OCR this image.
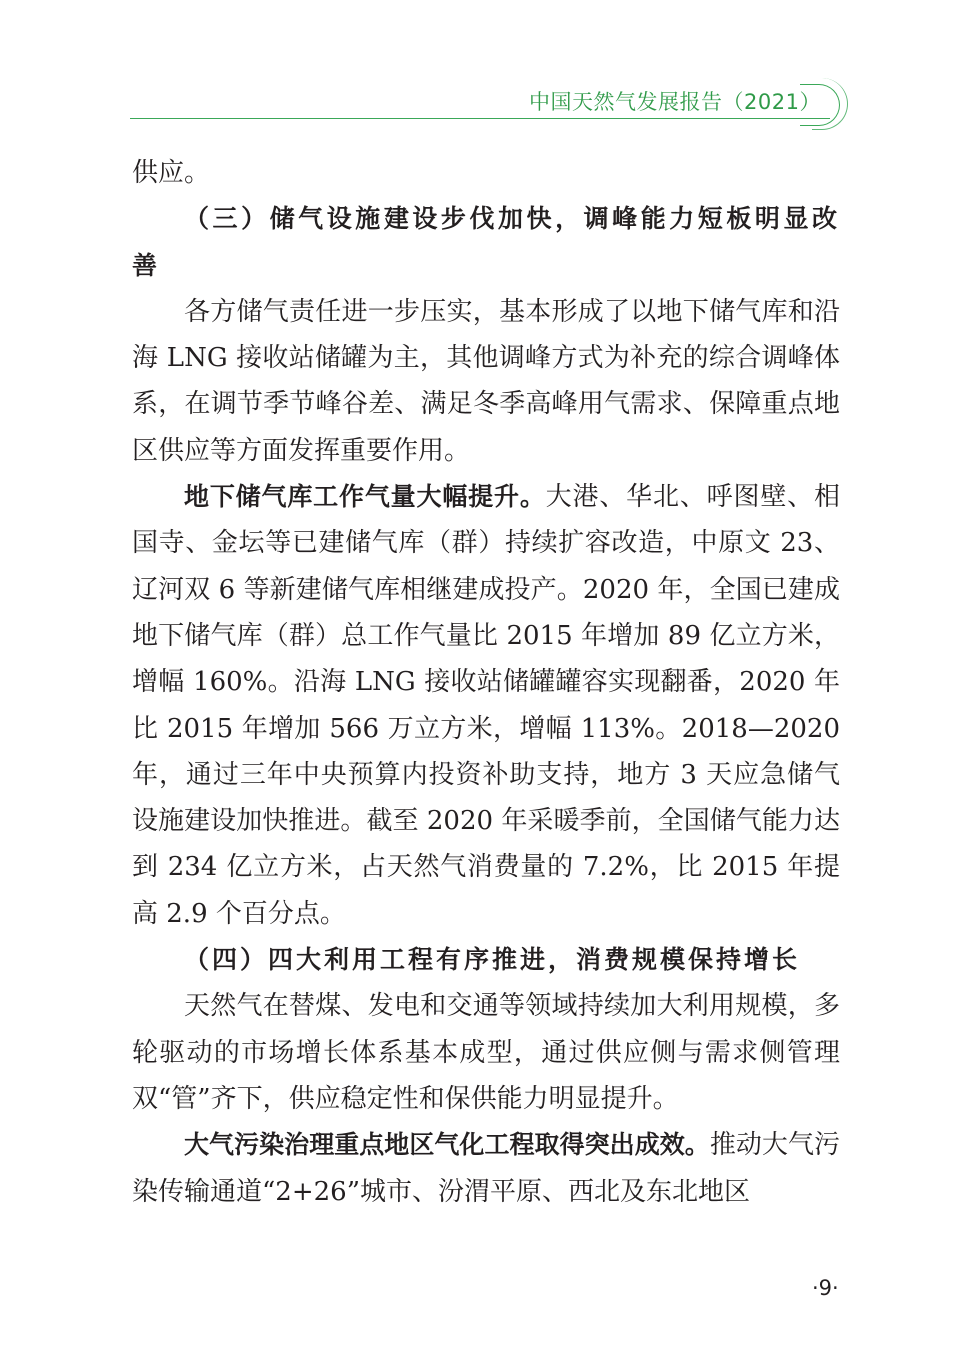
中国天然气发展报告（2021）

供应。

（三）储气设施建设步伐加快，调峰能力短板明显改善

各方储气责任进一步压实，基本形成了以地下储气库和沿海 LNG 接收站储罐为主，其他调峰方式为补充的综合调峰体系，在调节季节峰谷差、满足冬季高峰用气需求、保障重点地区供应等方面发挥重要作用。

地下储气库工作气量大幅提升。大港、华北、呼图壁、相国寺、金坛等已建储气库（群）持续扩容改造，中原文 23、辽河双 6 等新建储气库相继建成投产。2020 年，全国已建成地下储气库（群）总工作气量比 2015 年增加 89 亿立方米，增幅 160%。沿海 LNG 接收站储罐罐容实现翻番，2020 年比 2015 年增加 566 万立方米，增幅 113%。2018—2020 年，通过三年中央预算内投资补助支持，地方 3 天应急储气设施建设加快推进。截至 2020 年采暖季前，全国储气能力达到 234 亿立方米，占天然气消费量的 7.2%，比 2015 年提高 2.9 个百分点。

（四）四大利用工程有序推进，消费规模保持增长

天然气在替煤、发电和交通等领域持续加大利用规模，多轮驱动的市场增长体系基本成型，通过供应侧与需求侧管理双“管”齐下，供应稳定性和保供能力明显提升。

大气污染治理重点地区气化工程取得突出成效。推动大气污染传输通道“2+26”城市、汾渭平原、西北及东北地区

·9·
